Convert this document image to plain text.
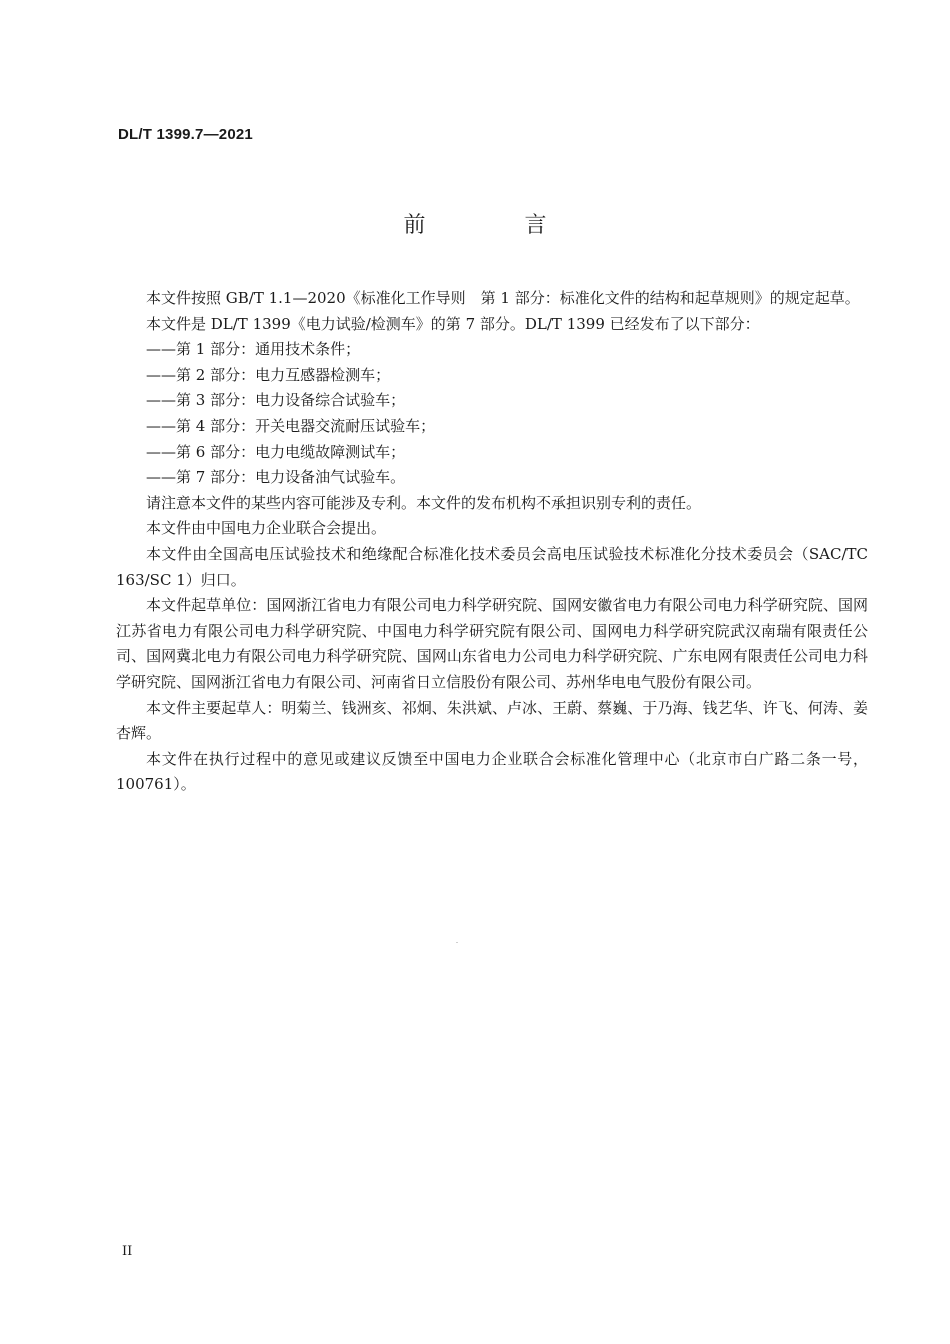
DL/T 1399.7—2021
前 言

本文件按照 GB/T 1.1—2020《标准化工作导则　第 1 部分：标准化文件的结构和起草规则》的规定起草。

本文件是 DL/T 1399《电力试验/检测车》的第 7 部分。DL/T 1399 已经发布了以下部分：

——第 1 部分：通用技术条件；

——第 2 部分：电力互感器检测车；

——第 3 部分：电力设备综合试验车；

——第 4 部分：开关电器交流耐压试验车；

——第 6 部分：电力电缆故障测试车；

——第 7 部分：电力设备油气试验车。

请注意本文件的某些内容可能涉及专利。本文件的发布机构不承担识别专利的责任。

本文件由中国电力企业联合会提出。

本文件由全国高电压试验技术和绝缘配合标准化技术委员会高电压试验技术标准化分技术委员会（SAC/TC 163/SC 1）归口。

本文件起草单位：国网浙江省电力有限公司电力科学研究院、国网安徽省电力有限公司电力科学研究院、国网江苏省电力有限公司电力科学研究院、中国电力科学研究院有限公司、国网电力科学研究院武汉南瑞有限责任公司、国网冀北电力有限公司电力科学研究院、国网山东省电力公司电力科学研究院、广东电网有限责任公司电力科学研究院、国网浙江省电力有限公司、河南省日立信股份有限公司、苏州华电电气股份有限公司。

本文件主要起草人：明菊兰、钱洲亥、祁炯、朱洪斌、卢冰、王蔚、蔡巍、于乃海、钱艺华、许飞、何涛、姜杏辉。

本文件在执行过程中的意见或建议反馈至中国电力企业联合会标准化管理中心（北京市白广路二条一号，100761）。

II
